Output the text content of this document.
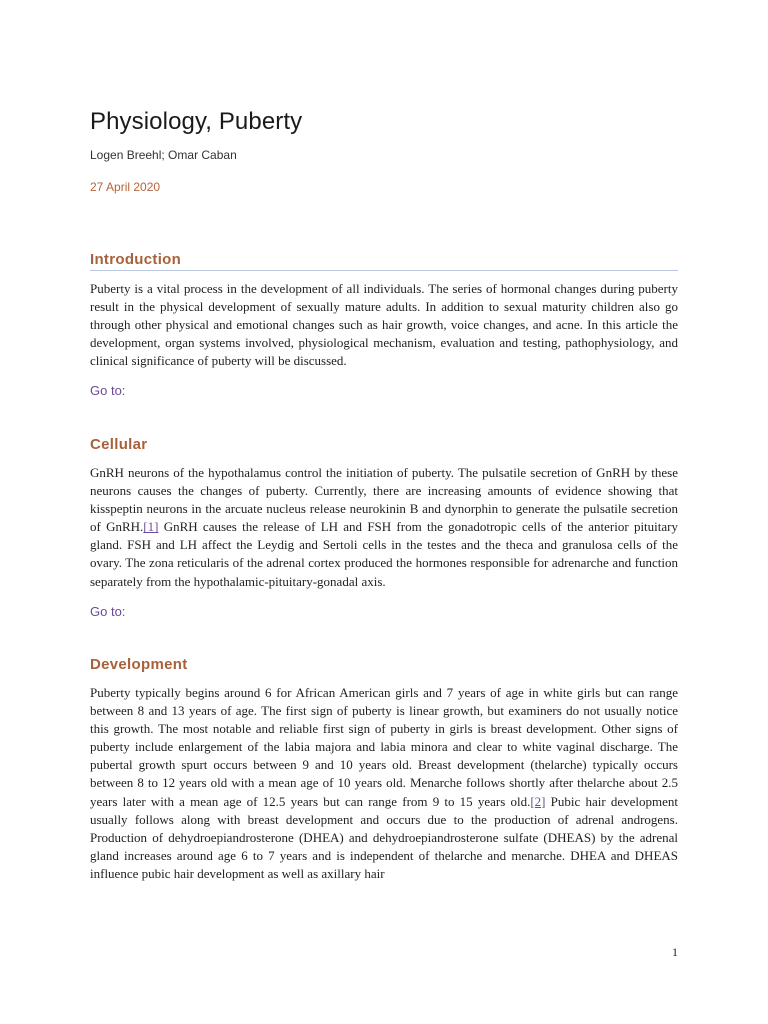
Physiology, Puberty
Logen Breehl; Omar Caban
27 April 2020
Introduction

Puberty is a vital process in the development of all individuals. The series of hormonal changes during puberty result in the physical development of sexually mature adults. In addition to sexual maturity children also go through other physical and emotional changes such as hair growth, voice changes, and acne. In this article the development, organ systems involved, physiological mechanism, evaluation and testing, pathophysiology, and clinical significance of puberty will be discussed.

Go to:
Cellular

GnRH neurons of the hypothalamus control the initiation of puberty. The pulsatile secretion of GnRH by these neurons causes the changes of puberty. Currently, there are increasing amounts of evidence showing that kisspeptin neurons in the arcuate nucleus release neurokinin B and dynorphin to generate the pulsatile secretion of GnRH.[1] GnRH causes the release of LH and FSH from the gonadotropic cells of the anterior pituitary gland. FSH and LH affect the Leydig and Sertoli cells in the testes and the theca and granulosa cells of the ovary. The zona reticularis of the adrenal cortex produced the hormones responsible for adrenarche and function separately from the hypothalamic-pituitary-gonadal axis.

Go to:
Development

Puberty typically begins around 6 for African American girls and 7 years of age in white girls but can range between 8 and 13 years of age. The first sign of puberty is linear growth, but examiners do not usually notice this growth. The most notable and reliable first sign of puberty in girls is breast development. Other signs of puberty include enlargement of the labia majora and labia minora and clear to white vaginal discharge. The pubertal growth spurt occurs between 9 and 10 years old. Breast development (thelarche) typically occurs between 8 to 12 years old with a mean age of 10 years old. Menarche follows shortly after thelarche about 2.5 years later with a mean age of 12.5 years but can range from 9 to 15 years old.[2] Pubic hair development usually follows along with breast development and occurs due to the production of adrenal androgens. Production of dehydroepiandrosterone (DHEA) and dehydroepiandrosterone sulfate (DHEAS) by the adrenal gland increases around age 6 to 7 years and is independent of thelarche and menarche. DHEA and DHEAS influence pubic hair development as well as axillary hair

1
